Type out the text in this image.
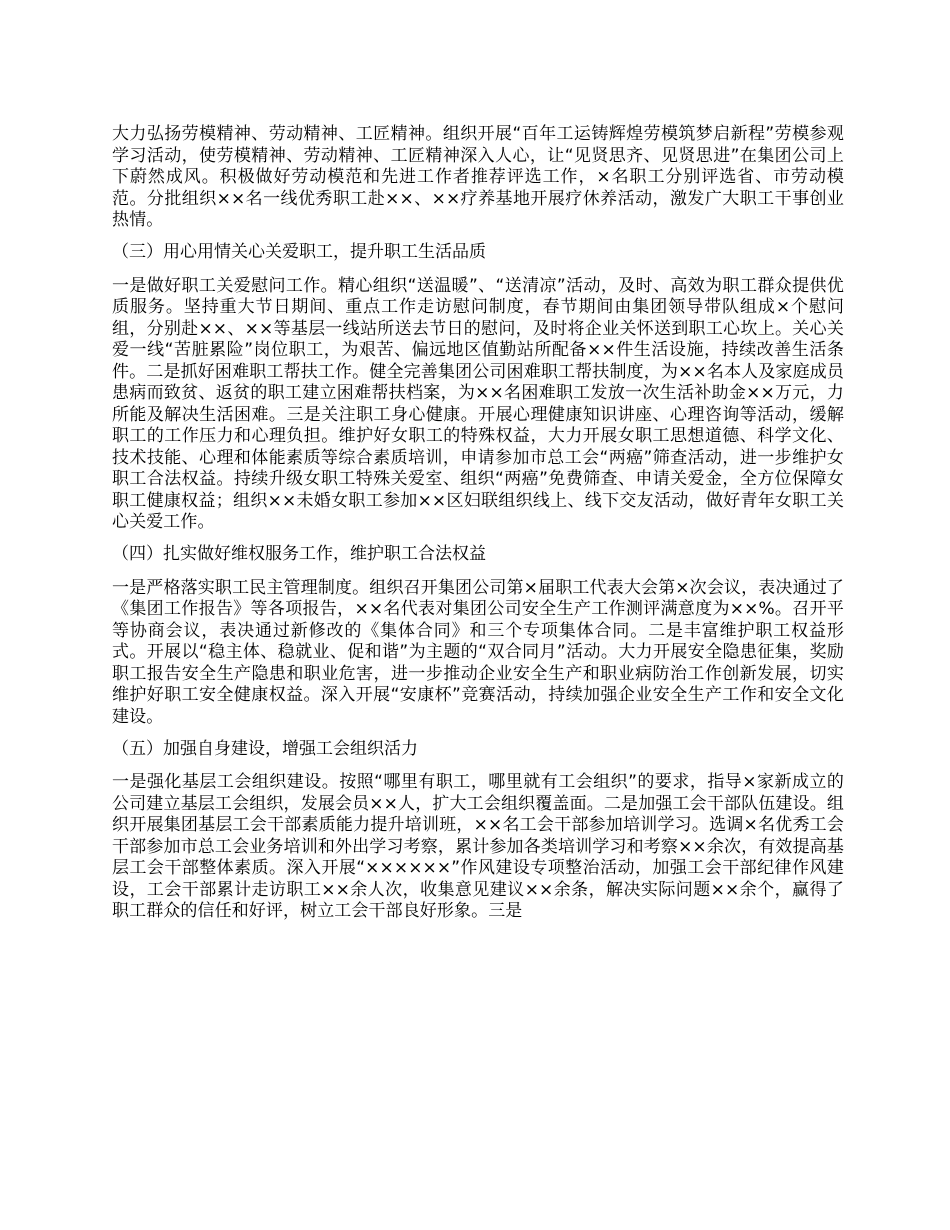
大力弘扬劳模精神、劳动精神、工匠精神。组织开展“百年工运铸辉煌劳模筑梦启新程”劳模参观学习活动，使劳模精神、劳动精神、工匠精神深入人心，让“见贤思齐、见贤思进”在集团公司上下蔚然成风。积极做好劳动模范和先进工作者推荐评选工作，×名职工分别评选省、市劳动模范。分批组织××名一线优秀职工赴××、××疗养基地开展疗休养活动，激发广大职工干事创业热情。

（三）用心用情关心关爱职工，提升职工生活品质

一是做好职工关爱慰问工作。精心组织“送温暖”、“送清凉”活动，及时、高效为职工群众提供优质服务。坚持重大节日期间、重点工作走访慰问制度，春节期间由集团领导带队组成×个慰问组，分别赴××、××等基层一线站所送去节日的慰问，及时将企业关怀送到职工心坎上。关心关爱一线“苦脏累险”岗位职工，为艰苦、偏远地区值勤站所配备××件生活设施，持续改善生活条件。二是抓好困难职工帮扶工作。健全完善集团公司困难职工帮扶制度，为××名本人及家庭成员患病而致贫、返贫的职工建立困难帮扶档案，为××名困难职工发放一次生活补助金××万元，力所能及解决生活困难。三是关注职工身心健康。开展心理健康知识讲座、心理咨询等活动，缓解职工的工作压力和心理负担。维护好女职工的特殊权益，大力开展女职工思想道德、科学文化、技术技能、心理和体能素质等综合素质培训，申请参加市总工会“两癌”筛查活动，进一步维护女职工合法权益。持续升级女职工特殊关爱室、组织“两癌”免费筛查、申请关爱金，全方位保障女职工健康权益；组织××未婚女职工参加××区妇联组织线上、线下交友活动，做好青年女职工关心关爱工作。

（四）扎实做好维权服务工作，维护职工合法权益

一是严格落实职工民主管理制度。组织召开集团公司第×届职工代表大会第×次会议，表决通过了《集团工作报告》等各项报告，××名代表对集团公司安全生产工作测评满意度为××%。召开平等协商会议，表决通过新修改的《集体合同》和三个专项集体合同。二是丰富维护职工权益形式。开展以“稳主体、稳就业、促和谐”为主题的“双合同月”活动。大力开展安全隐患征集，奖励职工报告安全生产隐患和职业危害，进一步推动企业安全生产和职业病防治工作创新发展，切实维护好职工安全健康权益。深入开展“安康杯”竞赛活动，持续加强企业安全生产工作和安全文化建设。

（五）加强自身建设，增强工会组织活力

一是强化基层工会组织建设。按照“哪里有职工，哪里就有工会组织”的要求，指导×家新成立的公司建立基层工会组织，发展会员××人，扩大工会组织覆盖面。二是加强工会干部队伍建设。组织开展集团基层工会干部素质能力提升培训班，××名工会干部参加培训学习。选调×名优秀工会干部参加市总工会业务培训和外出学习考察，累计参加各类培训学习和考察××余次，有效提高基层工会干部整体素质。深入开展“××××××”作风建设专项整治活动，加强工会干部纪律作风建设，工会干部累计走访职工××余人次，收集意见建议××余条，解决实际问题××余个，赢得了职工群众的信任和好评，树立工会干部良好形象。三是
